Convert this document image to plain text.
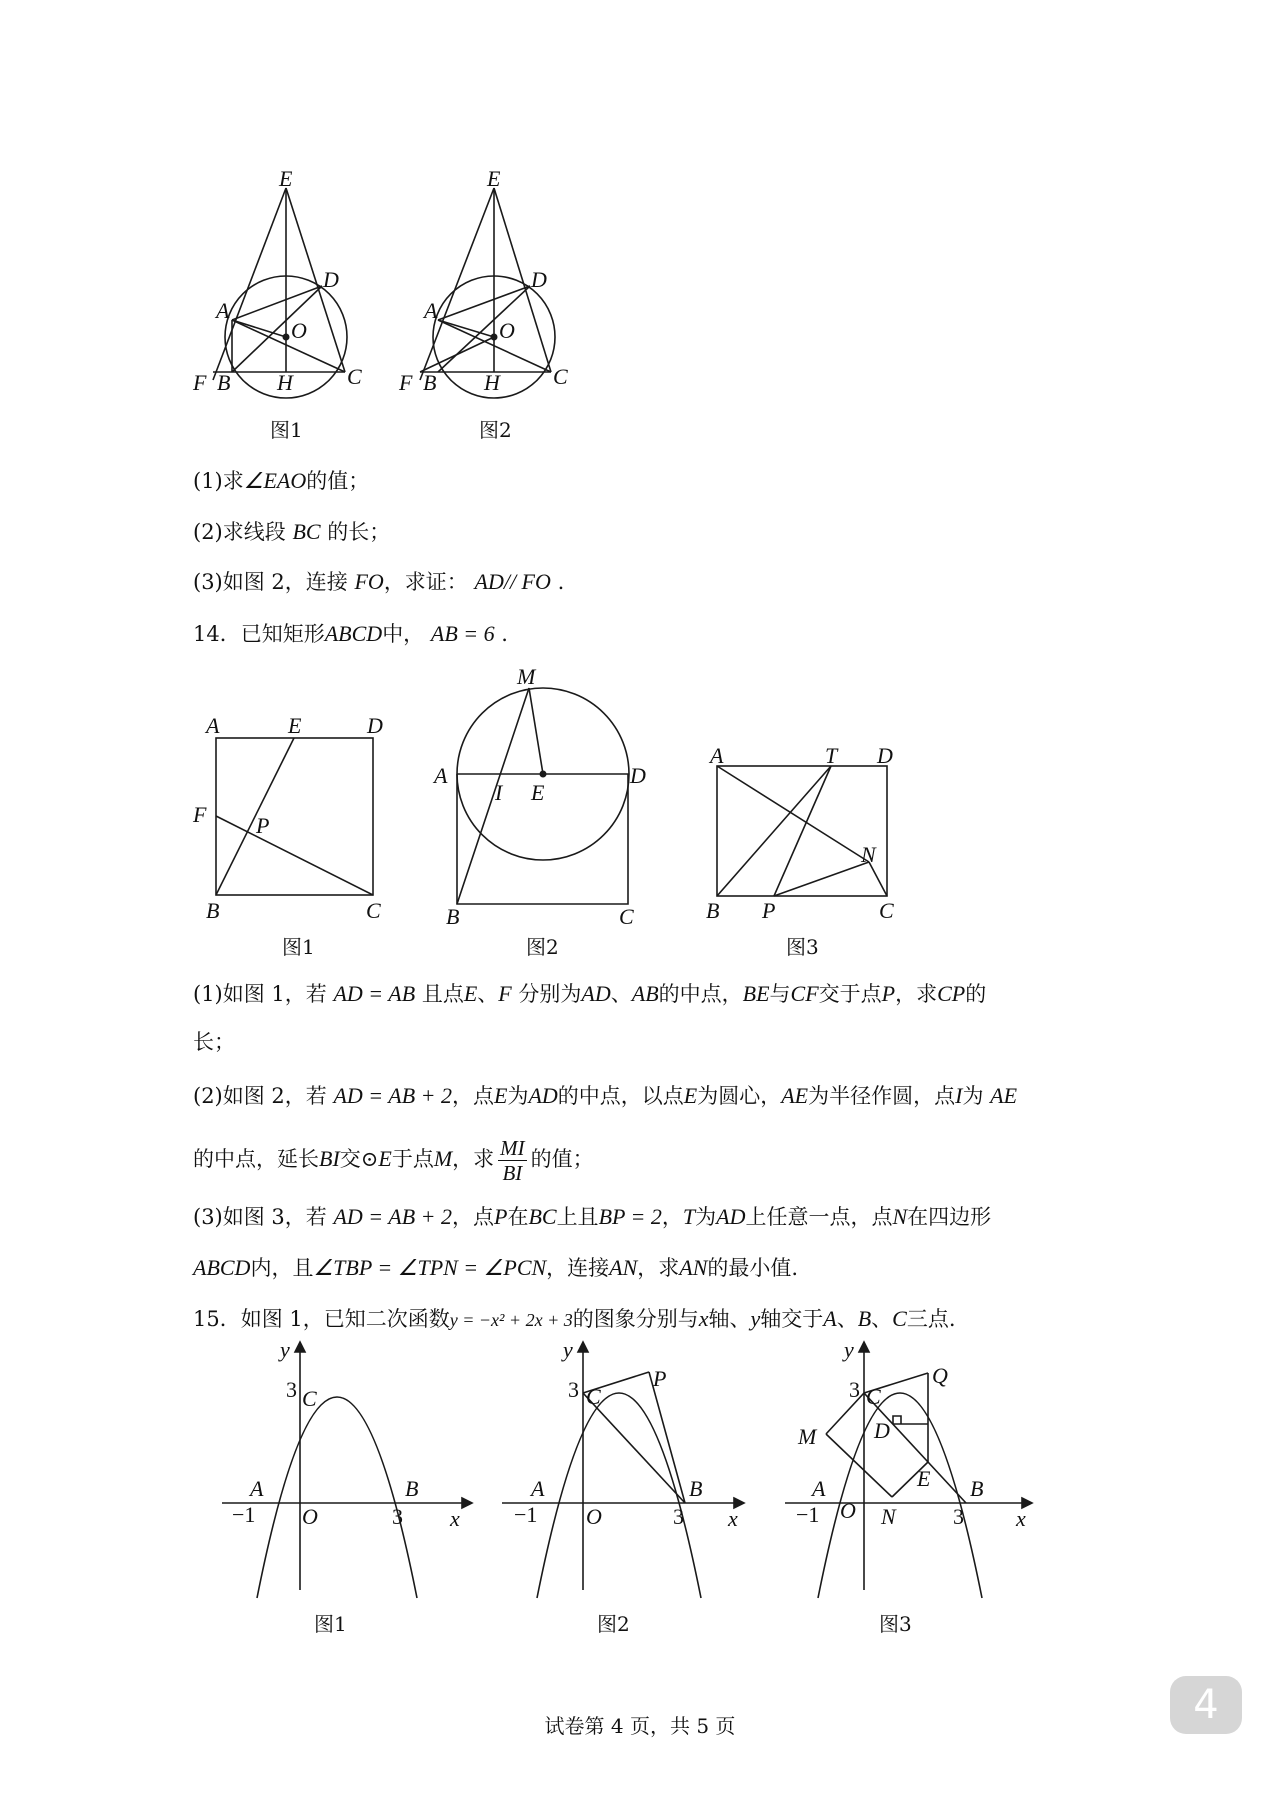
E
D
A
O
F B H C
E
D
A
O
F B H C
图1	图2
(1)求∠EAO的值；
(2)求线段 BC 的长；
(3)如图 2，连接 FO，求证： AD// FO .
14．已知矩形ABCD中， AB = 6 .
A	E	D
F P
B	C
M
A
I E
D
B	C
A	T D
N
B P	C
图1	图2	图3
(1)如图 1，若 AD = AB 且点E、F 分别为AD、AB的中点，BE与CF交于点P，求CP的
长；
(2)如图 2，若 AD = AB + 2，点E为AD的中点，以点E为圆心，AE为半径作圆，点I为 AE
的中点，延长BI交⊙E于点M，求 $\frac{MI}{BI}$ 的值；
(3)如图 3，若 AD = AB + 2，点P在BC上且BP = 2，T为AD上任意一点，点N在四边形
ABCD内，且∠TBP = ∠TPN = ∠PCN，连接AN，求AN的最小值.
15．如图 1，已知二次函数y = −x² + 2x + 3的图象分别与x轴、y轴交于A、B、C三点.
y
x
O
−1	3
3
A	B
C
y
x
O
−1	3
3
A	B
C
P
y
x
O
−1	3
3
A	B
C
Q
M	D
E
N
图1	图2	图3
试卷第 4 页，共 5 页	4
